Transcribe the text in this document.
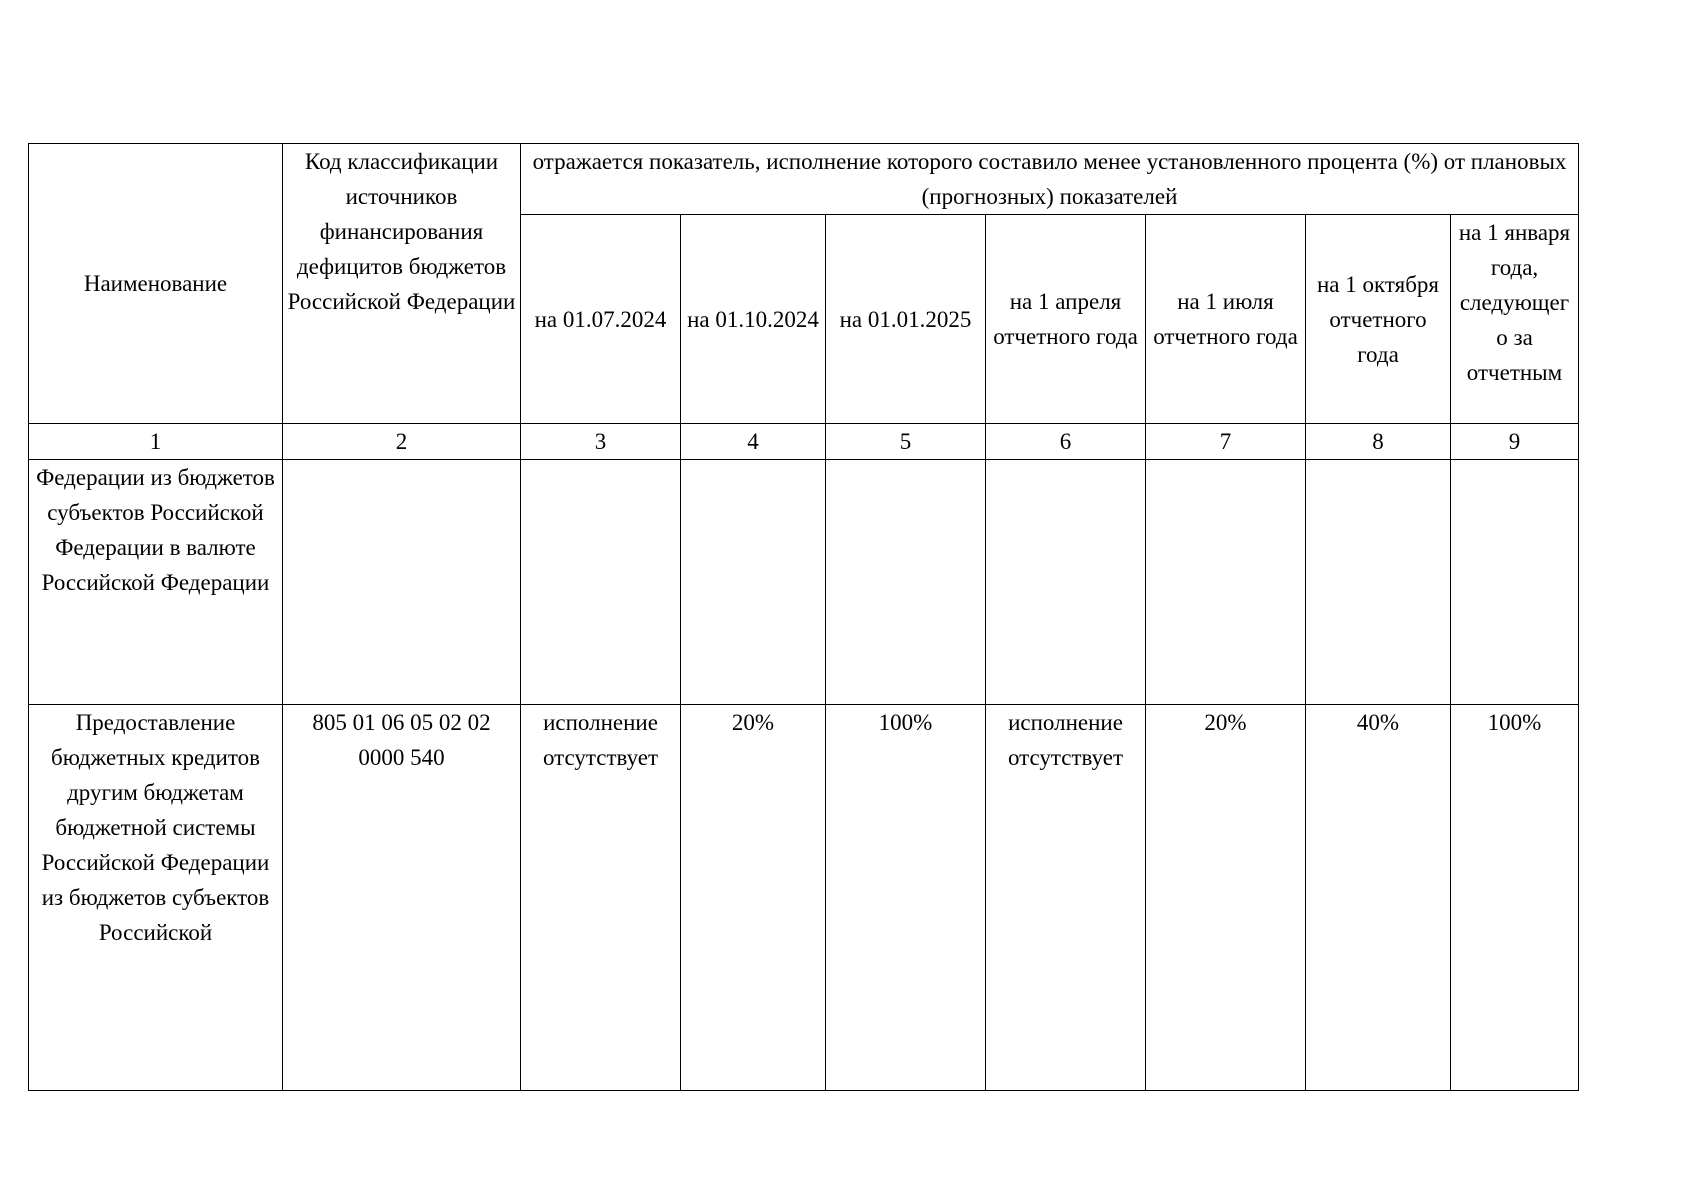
Наименование	Код классификации источников финансирования дефицитов бюджетов Российской Федерации	отражается показатель, исполнение которого составило менее установленного процента (%) от плановых (прогнозных) показателей						
		на 01.07.2024	на 01.10.2024	на 01.01.2025	на 1 апреля отчетного года	на 1 июля отчетного года	на 1 октября отчетного года	на 1 января года, следующего за отчетным

1	2	3	4	5	6	7	8	9

Федерации из бюджетов субъектов Российской Федерации в валюте Российской Федерации								

Предоставление бюджетных кредитов другим бюджетам бюджетной системы Российской Федерации из бюджетов субъектов Российской	805 01 06 05 02 02 0000 540	исполнение отсутствует	20%	100%	исполнение отсутствует	20%	40%	100%
